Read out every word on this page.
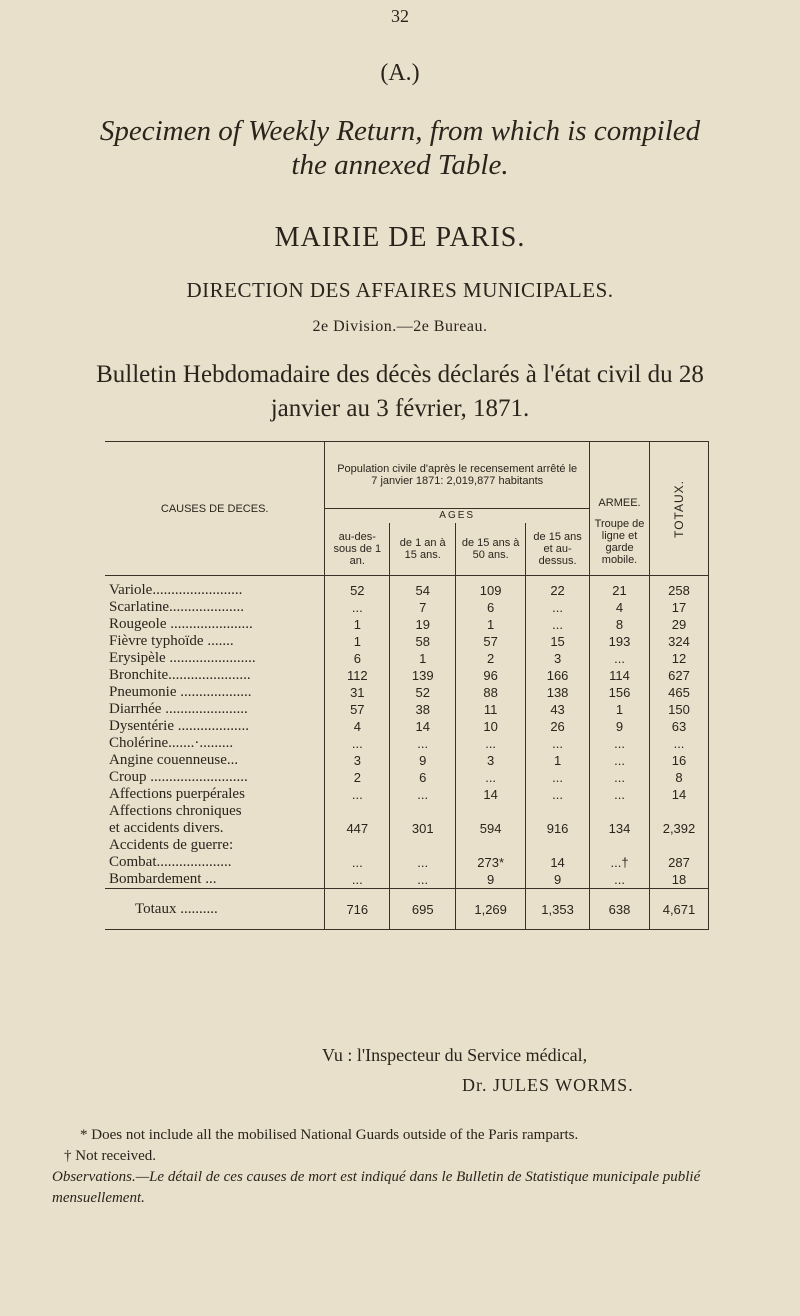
32
(A.)
Specimen of Weekly Return, from which is compiled the annexed Table.
MAIRIE DE PARIS.
DIRECTION DES AFFAIRES MUNICIPALES.
2e Division.—2e Bureau.
Bulletin Hebdomadaire des décès déclarés à l'état civil du 28 janvier au 3 février, 1871.
CAUSES DE DECES.	Population civile d'après le recensement arrêté le 7 janvier 1871: 2,019,877 habitants				ARMEE.	TOTAUX.

	AGES				Troupe de ligne et garde mobile.	
	au-des-sous de 1 an.	de 1 an à 15 ans.	de 15 ans à 50 ans.	de 15 ans et au-dessus.		
Variole........................	52	54	109	22	21	258
Scarlatine....................	...	7	6	...	4	17
Rougeole ......................	1	19	1	...	8	29
Fièvre typhoïde .......	1	58	57	15	193	324
Erysipèle .......................	6	1	2	3	...	12
Bronchite......................	112	139	96	166	114	627
Pneumonie ...................	31	52	88	138	156	465
Diarrhée ......................	57	38	11	43	1	150
Dysentérie ...................	4	14	10	26	9	63
Cholérine.......·.........	...	...	...	...	...	...
Angine couenneuse...	3	9	3	1	...	16
Croup ..........................	2	6	...	...	...	8
Affections puerpérales	...	...	14	...	...	14
Affections chroniques						
et accidents divers.	447	301	594	916	134	2,392
Accidents de guerre:						
Combat....................	...	...	273*	14	...†	287
Bombardement ...	...	...	9	9	...	18
Totaux ..........	716	695	1,269	1,353	638	4,671
Vu : l'Inspecteur du Service médical,
Dr. JULES WORMS.

* Does not include all the mobilised National Guards outside of the Paris ramparts.

† Not received.

Observations.—Le détail de ces causes de mort est indiqué dans le Bulletin de Statistique municipale publié mensuellement.
